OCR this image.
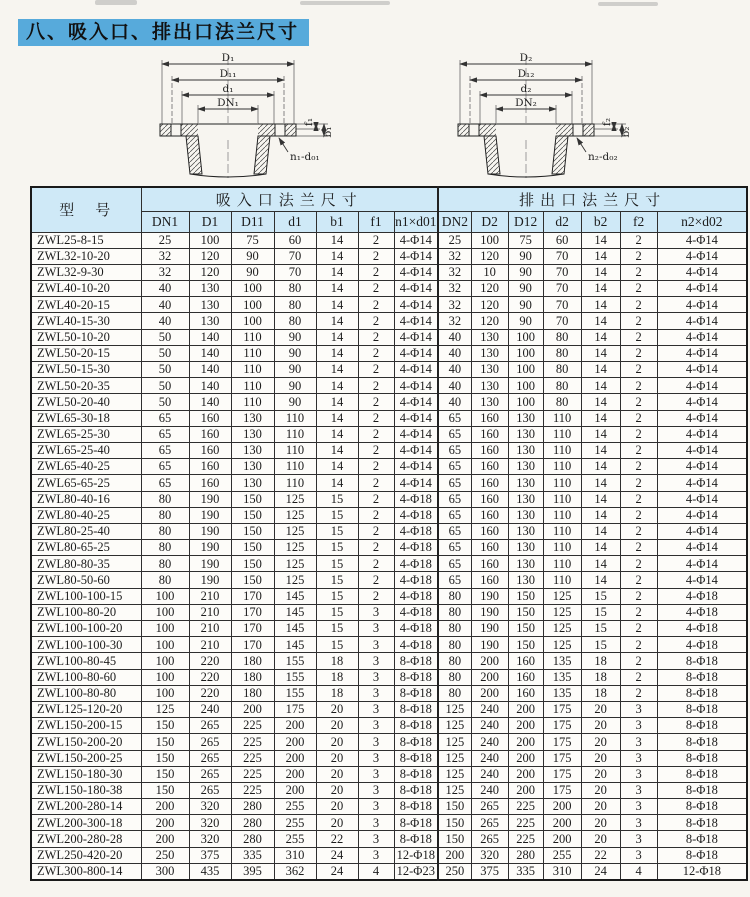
八、吸入口、排出口法兰尺寸
D₁
D₁₁
d₁
DN₁
f₁
b₁
n₁-d₀₁
D₂
D₁₂
d₂
DN₂
f₂
b₂
n₂-d₀₂
型　号	吸入口法兰尺寸							排出口法兰尺寸						
	DN1	D1	D11	d1	b1	f1	n1×d01	DN2	D2	D12	d2	b2	f2	n2×d02
ZWL25-8-15	25	100	75	60	14	2	4-Φ14	25	100	75	60	14	2	4-Φ14
ZWL32-10-20	32	120	90	70	14	2	4-Φ14	32	120	90	70	14	2	4-Φ14
ZWL32-9-30	32	120	90	70	14	2	4-Φ14	32	10	90	70	14	2	4-Φ14
ZWL40-10-20	40	130	100	80	14	2	4-Φ14	32	120	90	70	14	2	4-Φ14
ZWL40-20-15	40	130	100	80	14	2	4-Φ14	32	120	90	70	14	2	4-Φ14
ZWL40-15-30	40	130	100	80	14	2	4-Φ14	32	120	90	70	14	2	4-Φ14
ZWL50-10-20	50	140	110	90	14	2	4-Φ14	40	130	100	80	14	2	4-Φ14
ZWL50-20-15	50	140	110	90	14	2	4-Φ14	40	130	100	80	14	2	4-Φ14
ZWL50-15-30	50	140	110	90	14	2	4-Φ14	40	130	100	80	14	2	4-Φ14
ZWL50-20-35	50	140	110	90	14	2	4-Φ14	40	130	100	80	14	2	4-Φ14
ZWL50-20-40	50	140	110	90	14	2	4-Φ14	40	130	100	80	14	2	4-Φ14
ZWL65-30-18	65	160	130	110	14	2	4-Φ14	65	160	130	110	14	2	4-Φ14
ZWL65-25-30	65	160	130	110	14	2	4-Φ14	65	160	130	110	14	2	4-Φ14
ZWL65-25-40	65	160	130	110	14	2	4-Φ14	65	160	130	110	14	2	4-Φ14
ZWL65-40-25	65	160	130	110	14	2	4-Φ14	65	160	130	110	14	2	4-Φ14
ZWL65-65-25	65	160	130	110	14	2	4-Φ14	65	160	130	110	14	2	4-Φ14
ZWL80-40-16	80	190	150	125	15	2	4-Φ18	65	160	130	110	14	2	4-Φ14
ZWL80-40-25	80	190	150	125	15	2	4-Φ18	65	160	130	110	14	2	4-Φ14
ZWL80-25-40	80	190	150	125	15	2	4-Φ18	65	160	130	110	14	2	4-Φ14
ZWL80-65-25	80	190	150	125	15	2	4-Φ18	65	160	130	110	14	2	4-Φ14
ZWL80-80-35	80	190	150	125	15	2	4-Φ18	65	160	130	110	14	2	4-Φ14
ZWL80-50-60	80	190	150	125	15	2	4-Φ18	65	160	130	110	14	2	4-Φ14
ZWL100-100-15	100	210	170	145	15	2	4-Φ18	80	190	150	125	15	2	4-Φ18
ZWL100-80-20	100	210	170	145	15	3	4-Φ18	80	190	150	125	15	2	4-Φ18
ZWL100-100-20	100	210	170	145	15	3	4-Φ18	80	190	150	125	15	2	4-Φ18
ZWL100-100-30	100	210	170	145	15	3	4-Φ18	80	190	150	125	15	2	4-Φ18
ZWL100-80-45	100	220	180	155	18	3	8-Φ18	80	200	160	135	18	2	8-Φ18
ZWL100-80-60	100	220	180	155	18	3	8-Φ18	80	200	160	135	18	2	8-Φ18
ZWL100-80-80	100	220	180	155	18	3	8-Φ18	80	200	160	135	18	2	8-Φ18
ZWL125-120-20	125	240	200	175	20	3	8-Φ18	125	240	200	175	20	3	8-Φ18
ZWL150-200-15	150	265	225	200	20	3	8-Φ18	125	240	200	175	20	3	8-Φ18
ZWL150-200-20	150	265	225	200	20	3	8-Φ18	125	240	200	175	20	3	8-Φ18
ZWL150-200-25	150	265	225	200	20	3	8-Φ18	125	240	200	175	20	3	8-Φ18
ZWL150-180-30	150	265	225	200	20	3	8-Φ18	125	240	200	175	20	3	8-Φ18
ZWL150-180-38	150	265	225	200	20	3	8-Φ18	125	240	200	175	20	3	8-Φ18
ZWL200-280-14	200	320	280	255	20	3	8-Φ18	150	265	225	200	20	3	8-Φ18
ZWL200-300-18	200	320	280	255	20	3	8-Φ18	150	265	225	200	20	3	8-Φ18
ZWL200-280-28	200	320	280	255	22	3	8-Φ18	150	265	225	200	20	3	8-Φ18
ZWL250-420-20	250	375	335	310	24	3	12-Φ18	200	320	280	255	22	3	8-Φ18
ZWL300-800-14	300	435	395	362	24	4	12-Φ23	250	375	335	310	24	4	12-Φ18
